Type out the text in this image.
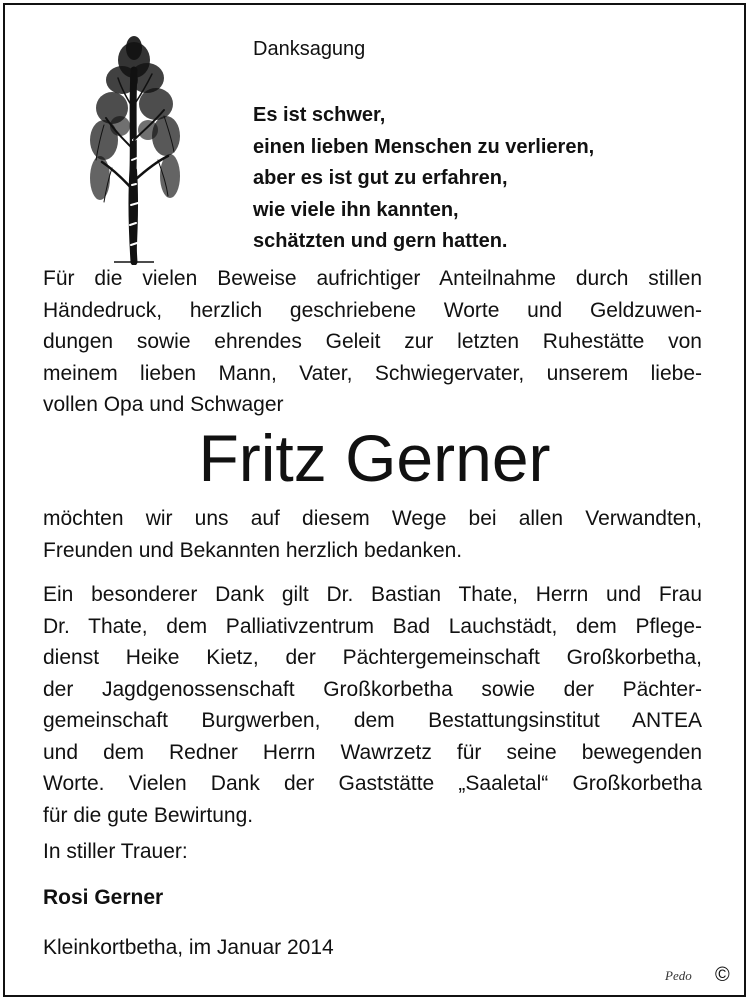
Danksagung
Es ist schwer,
einen lieben Menschen zu verlieren,
aber es ist gut zu erfahren,
wie viele ihn kannten,
schätzten und gern hatten.
Für die vielen Beweise aufrichtiger Anteilnahme durch stillen
Händedruck, herzlich geschriebene Worte und Geldzuwen-
dungen sowie ehrendes Geleit zur letzten Ruhestätte von
meinem lieben Mann, Vater, Schwiegervater, unserem liebe-
vollen Opa und Schwager
Fritz Gerner
möchten wir uns auf diesem Wege bei allen Verwandten,
Freunden und Bekannten herzlich bedanken.
Ein besonderer Dank gilt Dr. Bastian Thate, Herrn und Frau
Dr. Thate, dem Palliativzentrum Bad Lauchstädt, dem Pflege-
dienst Heike Kietz, der Pächtergemeinschaft Großkorbetha,
der Jagdgenossenschaft Großkorbetha sowie der Pächter-
gemeinschaft Burgwerben, dem Bestattungsinstitut ANTEA
und dem Redner Herrn Wawrzetz für seine bewegenden
Worte. Vielen Dank der Gaststätte „Saaletal“ Großkorbetha
für die gute Bewirtung.
In stiller Trauer:
Rosi Gerner
Kleinkortbetha, im Januar 2014
Pedo ©
